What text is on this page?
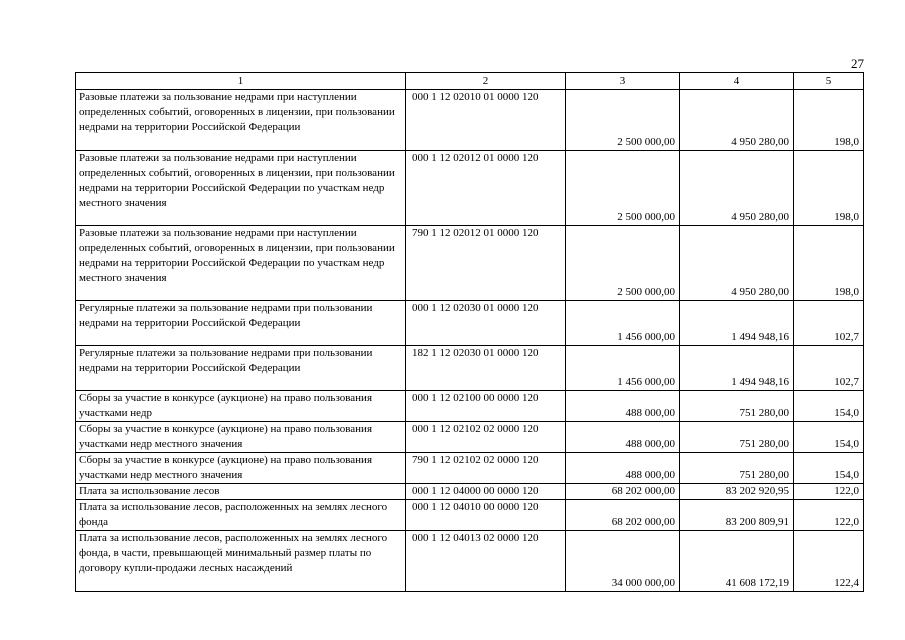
27
1	2	3	4	5
Разовые платежи за пользование недрами при наступлении определенных событий, оговоренных в лицензии, при пользовании недрами на территории Российской Федерации	000 1 12 02010 01 0000 120	2 500 000,00	4 950 280,00	198,0
Разовые платежи за пользование недрами при наступлении определенных событий, оговоренных в лицензии, при пользовании недрами на территории Российской Федерации по участкам недр местного значения	000 1 12 02012 01 0000 120	2 500 000,00	4 950 280,00	198,0
Разовые платежи за пользование недрами при наступлении определенных событий, оговоренных в лицензии, при пользовании недрами на территории Российской Федерации по участкам недр местного значения	790 1 12 02012 01 0000 120	2 500 000,00	4 950 280,00	198,0
Регулярные платежи за пользование недрами при пользовании недрами на территории Российской Федерации	000 1 12 02030 01 0000 120	1 456 000,00	1 494 948,16	102,7
Регулярные платежи за пользование недрами при пользовании недрами на территории Российской Федерации	182 1 12 02030 01 0000 120	1 456 000,00	1 494 948,16	102,7
Сборы за участие в конкурсе (аукционе) на право пользования участками недр	000 1 12 02100 00 0000 120	488 000,00	751 280,00	154,0
Сборы за участие в конкурсе (аукционе) на право пользования участками недр местного значения	000 1 12 02102 02 0000 120	488 000,00	751 280,00	154,0
Сборы за участие в конкурсе (аукционе) на право пользования участками недр местного значения	790 1 12 02102 02 0000 120	488 000,00	751 280,00	154,0
Плата за использование лесов	000 1 12 04000 00 0000 120	68 202 000,00	83 202 920,95	122,0
Плата за использование лесов, расположенных на землях лесного фонда	000 1 12 04010 00 0000 120	68 202 000,00	83 200 809,91	122,0
Плата за использование лесов, расположенных на землях лесного фонда, в части, превышающей минимальный размер платы по договору купли-продажи лесных насаждений	000 1 12 04013 02 0000 120	34 000 000,00	41 608 172,19	122,4
